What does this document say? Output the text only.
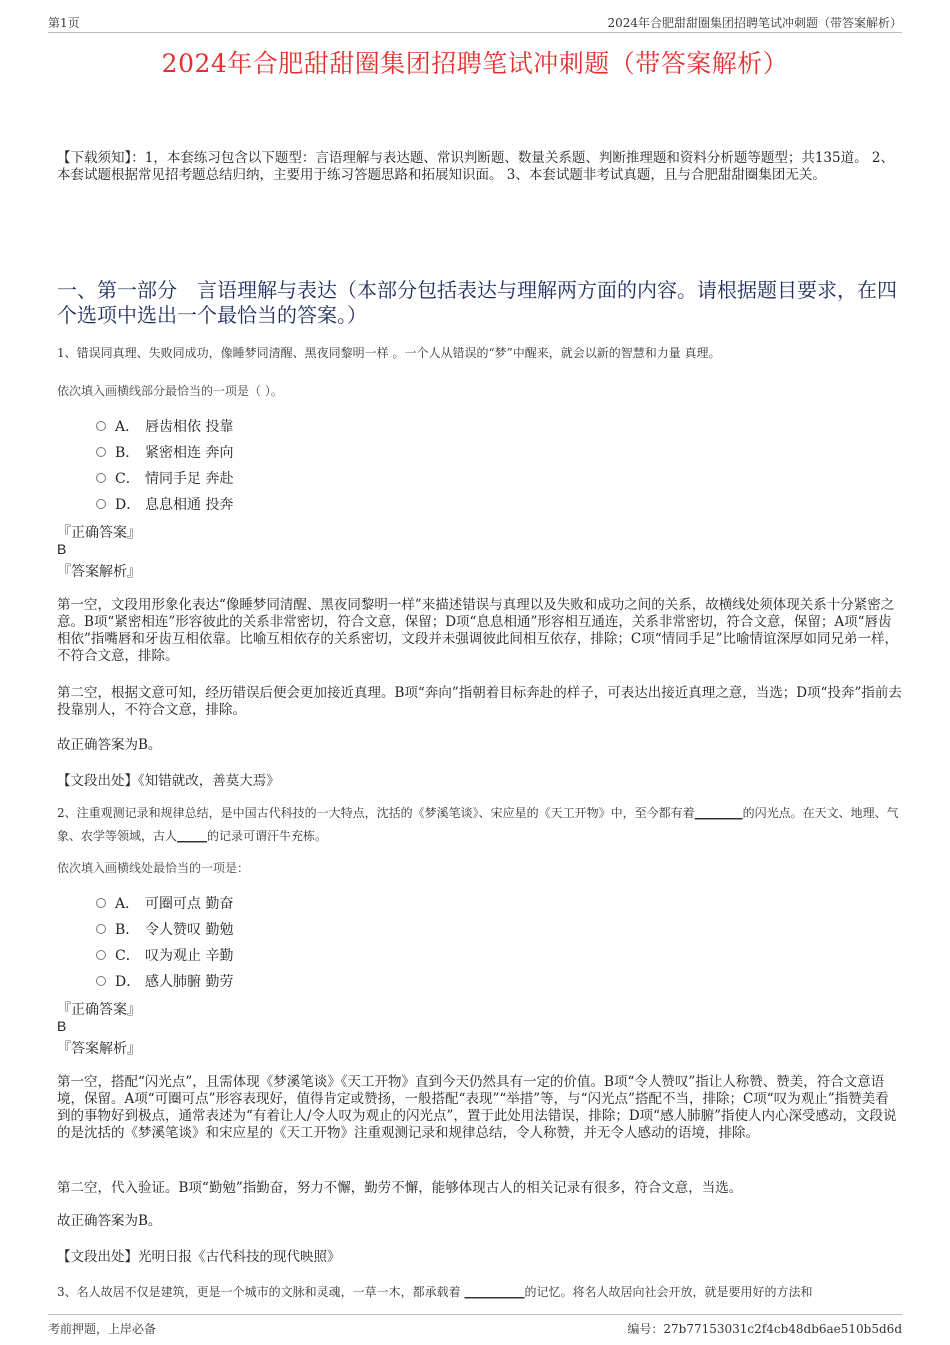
第1页	2024年合肥甜甜圈集团招聘笔试冲刺题（带答案解析）
2024年合肥甜甜圈集团招聘笔试冲刺题（带答案解析）
【下载须知】：1，本套练习包含以下题型：言语理解与表达题、常识判断题、数量关系题、判断推理题和资料分析题等题型；共135道。 2、本套试题根据常见招考题总结归纳，主要用于练习答题思路和拓展知识面。 3、本套试题非考试真题，且与合肥甜甜圈集团无关。
一、第一部分　言语理解与表达（本部分包括表达与理解两方面的内容。请根据题目要求，在四个选项中选出一个最恰当的答案。）
1、错误同真理、失败同成功，像睡梦同清醒、黑夜同黎明一样 。一个人从错误的“梦”中醒来，就会以新的智慧和力量 真理。
依次填入画横线部分最恰当的一项是（ ）。
A． 唇齿相依 投靠
B． 紧密相连 奔向
C． 情同手足 奔赴
D． 息息相通 投奔
『正确答案』
B
『答案解析』
第一空，文段用形象化表达“像睡梦同清醒、黑夜同黎明一样”来描述错误与真理以及失败和成功之间的关系，故横线处须体现关系十分紧密之意。B项“紧密相连”形容彼此的关系非常密切，符合文意，保留；D项“息息相通”形容相互通连，关系非常密切，符合文意，保留；A项“唇齿相依”指嘴唇和牙齿互相依靠。比喻互相依存的关系密切，文段并未强调彼此间相互依存，排除；C项“情同手足”比喻情谊深厚如同兄弟一样，不符合文意，排除。
第二空，根据文意可知，经历错误后便会更加接近真理。B项“奔向”指朝着目标奔赴的样子，可表达出接近真理之意，当选；D项“投奔”指前去投靠别人，不符合文意，排除。
故正确答案为B。
【文段出处】《知错就改，善莫大焉》
2、注重观测记录和规律总结，是中国古代科技的一大特点，沈括的《梦溪笔谈》、宋应星的《天工开物》中，至今都有着________的闪光点。在天文、地理、气象、农学等领域，古人_____的记录可谓汗牛充栋。
依次填入画横线处最恰当的一项是：
A． 可圈可点 勤奋
B． 令人赞叹 勤勉
C． 叹为观止 辛勤
D． 感人肺腑 勤劳
『正确答案』
B
『答案解析』
第一空，搭配“闪光点”，且需体现《梦溪笔谈》《天工开物》直到今天仍然具有一定的价值。B项“令人赞叹”指让人称赞、赞美，符合文意语境，保留。A项“可圈可点”形容表现好，值得肯定或赞扬，一般搭配“表现”“举措”等，与“闪光点”搭配不当，排除；C项“叹为观止”指赞美看到的事物好到极点，通常表述为“有着让人/令人叹为观止的闪光点”，置于此处用法错误，排除；D项“感人肺腑”指使人内心深受感动，文段说的是沈括的《梦溪笔谈》和宋应星的《天工开物》注重观测记录和规律总结，令人称赞，并无令人感动的语境，排除。
第二空，代入验证。B项“勤勉”指勤奋，努力不懈，勤劳不懈，能够体现古人的相关记录有很多，符合文意，当选。
故正确答案为B。
【文段出处】光明日报《古代科技的现代映照》
3、名人故居不仅是建筑，更是一个城市的文脉和灵魂，一草一木，都承载着 __________的记忆。将名人故居向社会开放，就是要用好的方法和
考前押题，上岸必备	编号：27b77153031c2f4cb48db6ae510b5d6d
